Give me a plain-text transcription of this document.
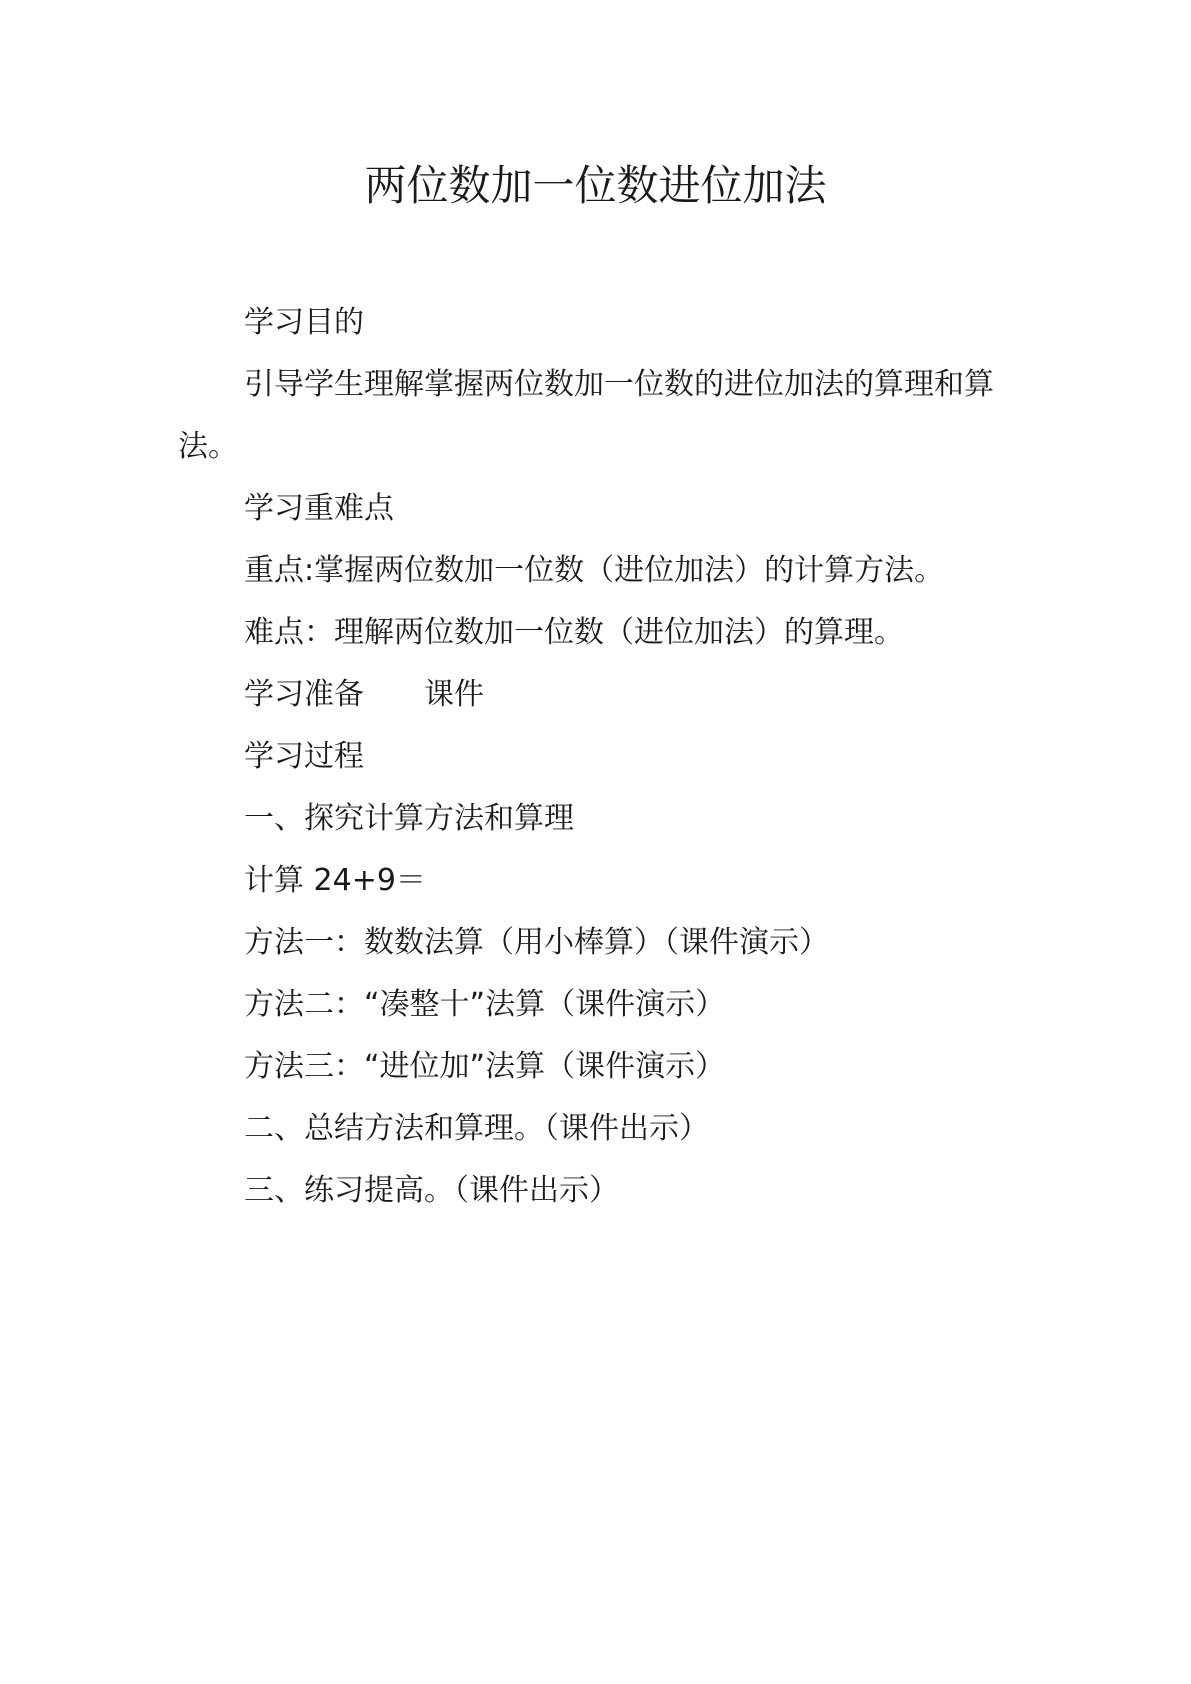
两位数加一位数进位加法

学习目的

引导学生理解掌握两位数加一位数的进位加法的算理和算法。

学习重难点

重点:掌握两位数加一位数（进位加法）的计算方法。

难点：理解两位数加一位数（进位加法）的算理。

学习准备　　课件

学习过程

一、探究计算方法和算理

计算 24+9＝

方法一：数数法算（用小棒算）（课件演示）

方法二：“凑整十”法算（课件演示）

方法三：“进位加”法算（课件演示）

二、总结方法和算理。（课件出示）

三、练习提高。（课件出示）
